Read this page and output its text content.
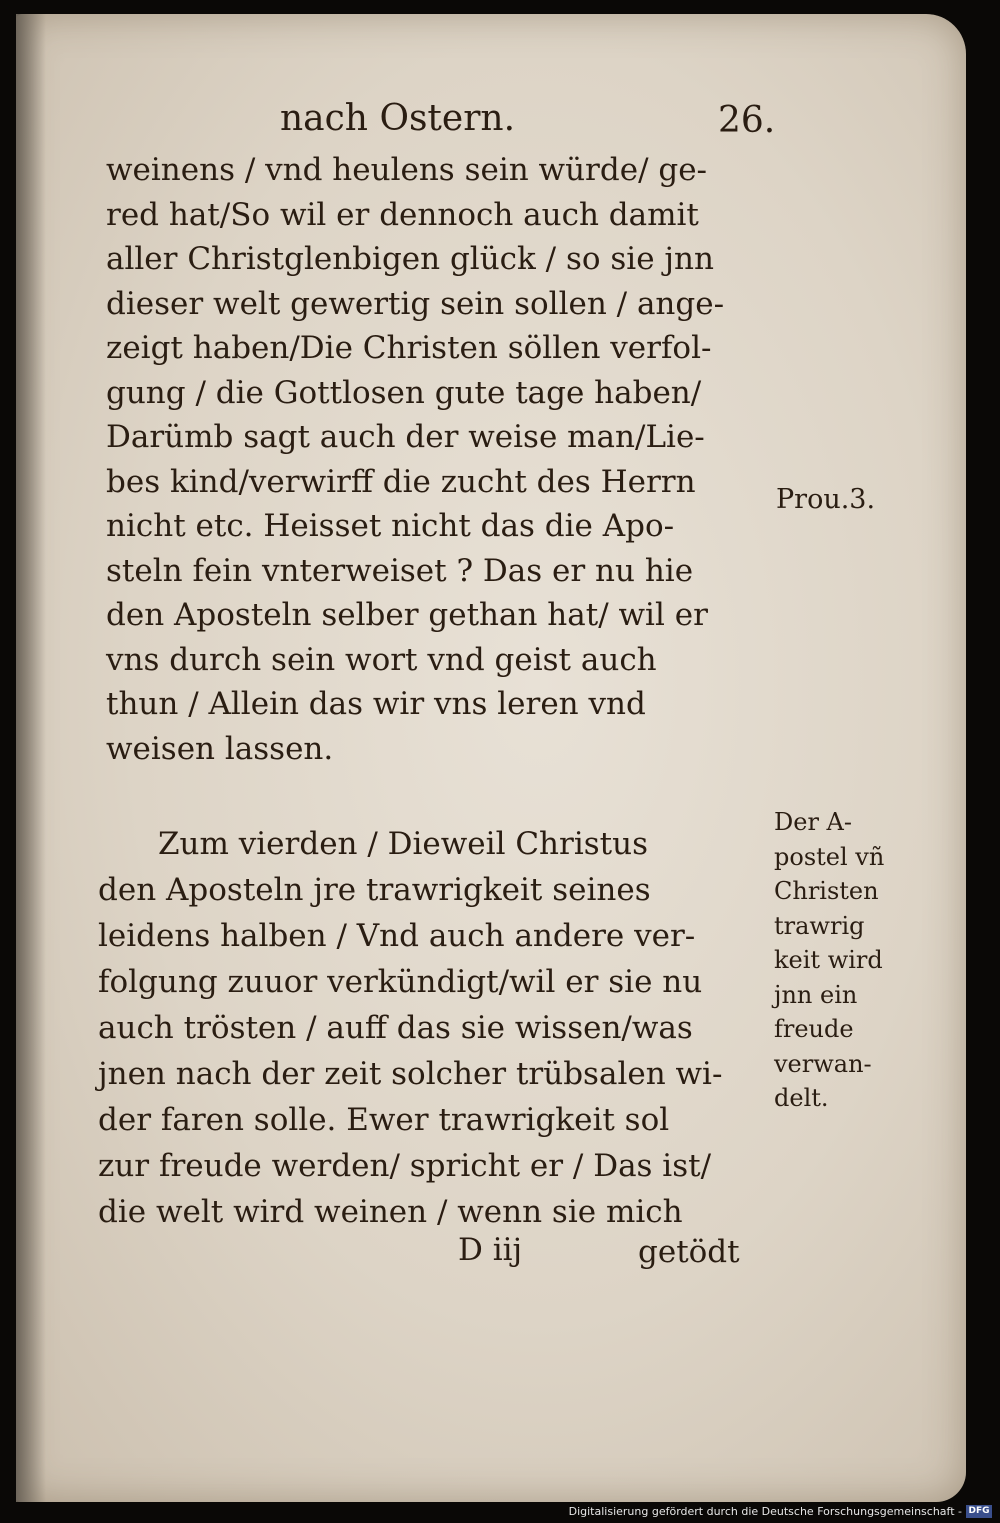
nach Ostern.	26.
weinens / vnd heulens sein würde/ ge-
red hat/So wil er dennoch auch damit
aller Christglenbigen glück / so sie jnn
dieser welt gewertig sein sollen / ange-
zeigt haben/Die Christen söllen verfol-
gung / die Gottlosen gute tage haben/
Darümb sagt auch der weise man/Lie-
bes kind/verwirff die zucht des Herrn
nicht etc. Heisset nicht das die Apo-
steln fein vnterweiset ? Das er nu hie
den Aposteln selber gethan hat/ wil er
vns durch sein wort vnd geist auch
thun / Allein das wir vns leren vnd
weisen lassen.
Zum vierden / Dieweil Christus
den Aposteln jre trawrigkeit seines
leidens halben / Vnd auch andere ver-
folgung zuuor verkündigt/wil er sie nu
auch trösten / auff das sie wissen/was
jnen nach der zeit solcher trübsalen wi-
der faren solle. Ewer trawrigkeit sol
zur freude werden/ spricht er / Das ist/
die welt wird weinen / wenn sie mich
Prou.3.
Der A-
postel vñ
Christen
trawrig
keit wird
jnn ein
freude
verwan-
delt.
D iij	getödt
Digitalisierung gefördert durch die Deutsche Forschungsgemeinschaft - DFG
